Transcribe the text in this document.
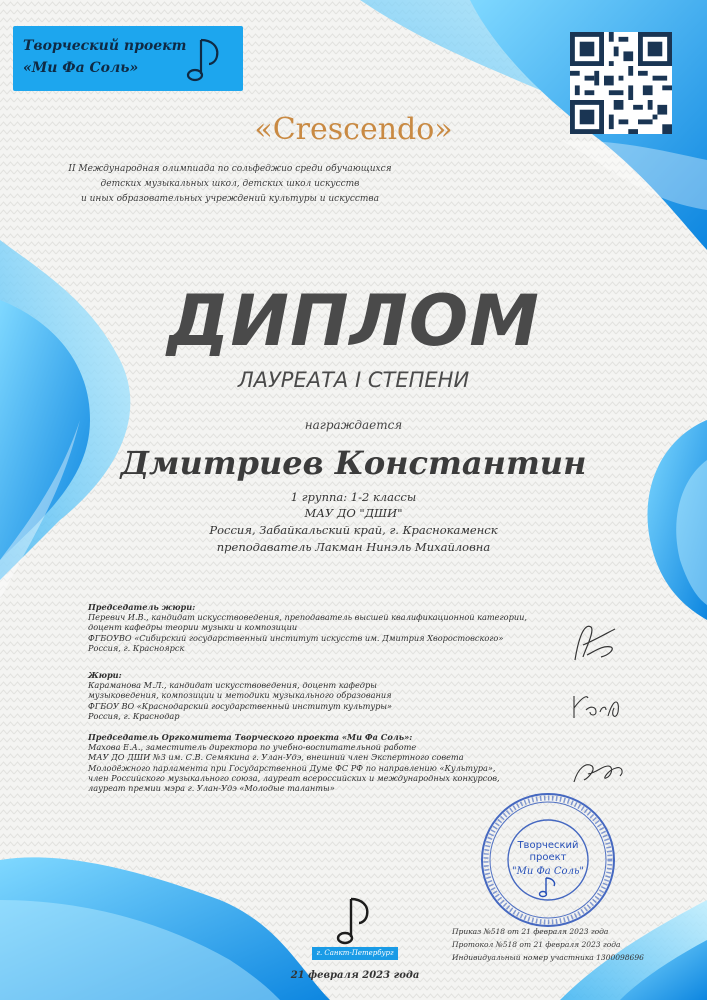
Творческий проект
«Ми Фа Соль»
«Crescendo»
II Международная олимпиада по сольфеджио среди обучающихся
детских музыкальных школ, детских школ искусств
и иных образовательных учреждений культуры и искусства
ДИПЛОМ
ЛАУРЕАТА I СТЕПЕНИ
награждается
Дмитриев Константин
1 группа: 1-2 классы
МАУ ДО "ДШИ"
Россия, Забайкальский край, г. Краснокаменск
преподаватель Лакман Нинэль Михайловна
Председатель жюри:
Перевич И.В., кандидат искусствоведения, преподаватель высшей квалификационной категории,
доцент кафедры теории музыки и композиции
ФГБОУВО «Сибирский государственный институт искусств им. Дмитрия Хворостовского»
Россия, г. Красноярск
Жюри:
Караманова М.Л., кандидат искусствоведения, доцент кафедры
музыковедения, композиции и методики музыкального образования
ФГБОУ ВО «Краснодарский государственный институт культуры»
Россия, г. Краснодар
Председатель Оргкомитета Творческого проекта «Ми Фа Соль»:
Махова Е.А., заместитель директора по учебно-воспитательной работе
МАУ ДО ДШИ №3 им. С.В. Семякина г. Улан-Удэ, внешний член Экспертного совета
Молодёжного парламента при Государственной Думе ФС РФ по направлению «Культура»,
член Российского музыкального союза, лауреат всероссийских и международных конкурсов,
лауреат премии мэра г. Улан-Удэ «Молодые таланты»
Творческий
проект
"Ми Фа Соль"
г. Санкт-Петербург
21 февраля 2023 года
Приказ №518 от 21 февраля 2023 года
Протокол №518 от 21 февраля 2023 года
Индивидуальный номер участника 1300098696
